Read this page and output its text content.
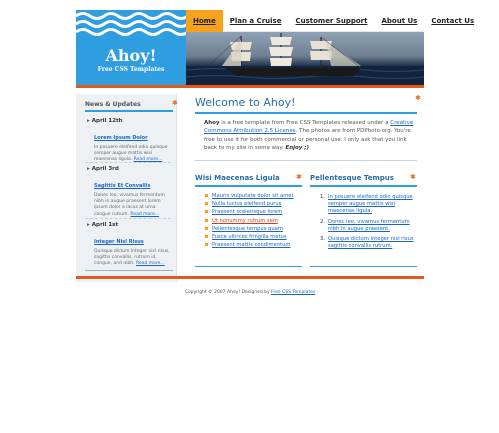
Ahoy!
Free CSS Templates
Home	Plan a Cruise	Customer Support	About Us	Contact Us
News & Updates	✱
▸ April 12th
Lorem Ipsum Dolor
In posuere eleifend odio quisque semper augue mattis wisi maecenas ligula. Read more...
▸ April 3rd
Sagittis Et Convallis
Donec leo, vivamus fermentum nibh in augue praesent lorem ipsum dolor a lacus at urna congue rutrum. Read more...
▸ April 1st
Integer Nisl Risus
Quisque dictum integer nisl risus, sagittis convallis, rutrum id, congue, and nibh. Read more...
Welcome to Ahoy!	✱
Ahoy is a free template from Free CSS Templates released under a Creative Commons Attribution 2.5 License. The photos are from PDPhoto.org. You're free to use it for both commercial or personal use. I only ask that you link back to my site in some way. Enjoy ;)
Wisi Maecenas Ligula ✱
Mauris vulputate dolor sit amet
Nulla luctus eleifend purus
Praesent scelerisque lorem
Ut nonummy rutrum sem
Pellentesque tempus quam
Fusce ultrices fringilla metus
Praesent mattis condimentum
Pellentesque Tempus ✱
1. In posuere eleifend odio quisque semper augue mattis wisi maecenas ligula.
2. Donec leo, vivamus fermentum nibh in augue praesent.
3. Quisque dictum integer nisl risus sagittis convallis rutrum.
Copyright © 2007 Ahoy! Designed by Free CSS Templates
